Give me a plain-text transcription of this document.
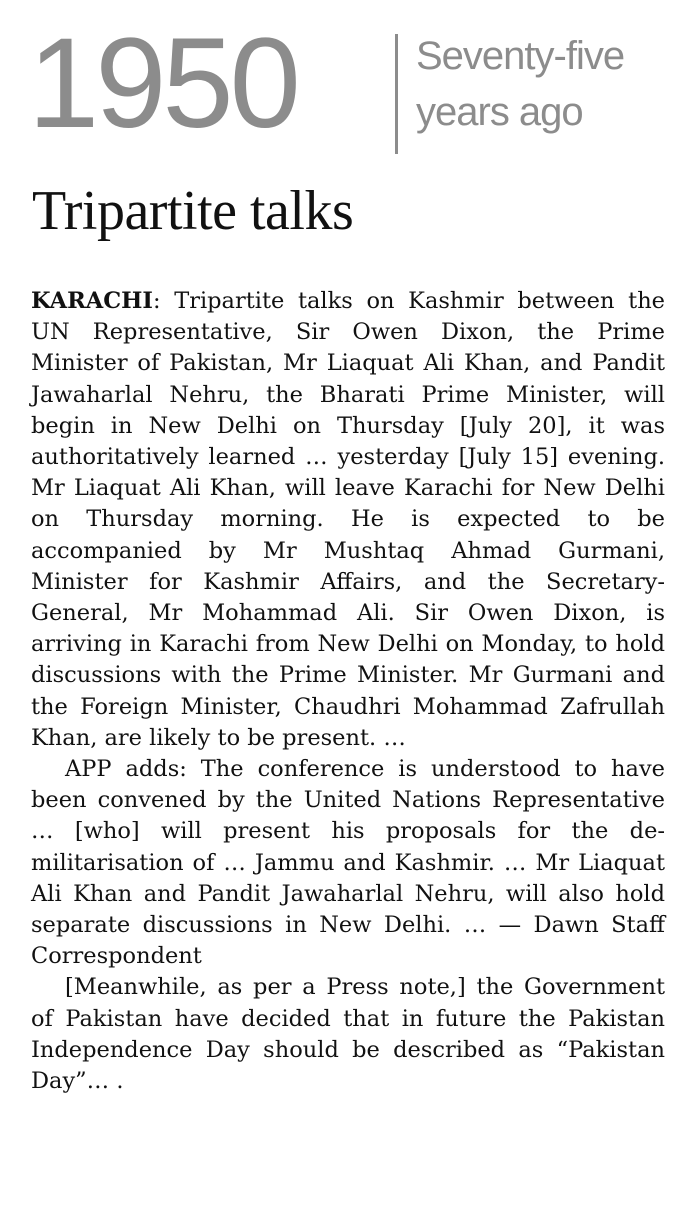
1950	Seventy-five
years ago
Tripartite talks

KARACHI: Tripartite talks on Kashmir between the UN Representative, Sir Owen Dixon, the Prime Minister of Pakistan, Mr Liaquat Ali Khan, and Pandit Jawaharlal Nehru, the Bharati Prime Minister, will begin in New Delhi on Thursday [July 20], it was authoritatively learned … yesterday [July 15] evening. Mr Liaquat Ali Khan, will leave Karachi for New Delhi on Thursday morning. He is expected to be accompanied by Mr Mushtaq Ahmad Gurmani, Minister for Kashmir Affairs, and the Secretary-General, Mr Mohammad Ali. Sir Owen Dixon, is arriving in Karachi from New Delhi on Monday, to hold discussions with the Prime Minister. Mr Gurmani and the Foreign Minister, Chaudhri Mohammad Zafrullah Khan, are likely to be present. …

APP adds: The conference is understood to have been convened by the United Nations Representative … [who] will present his proposals for the de-militarisation of … Jammu and Kashmir. … Mr Liaquat Ali Khan and Pandit Jawaharlal Nehru, will also hold separate discussions in New Delhi. … — Dawn Staff Correspondent

[Meanwhile, as per a Press note,] the Government of Pakistan have decided that in future the Pakistan Independence Day should be described as “Pakistan Day”… .
